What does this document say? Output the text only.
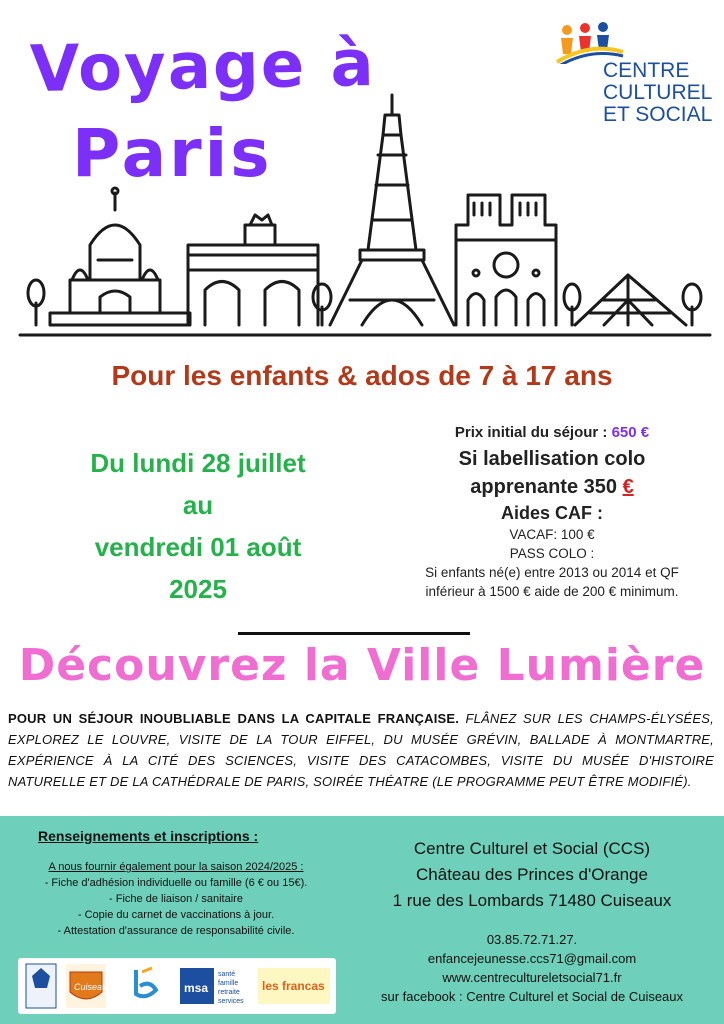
Voyage à
Paris
CENTRE
CULTUREL
ET SOCIAL
Pour les enfants & ados de 7 à 17 ans
Du lundi 28 juillet
au
vendredi 01 août
2025
Prix initial du séjour : 650 €
Si labellisation colo
apprenante 350 €
Aides CAF :
VACAF: 100 €
PASS COLO :
Si enfants né(e) entre 2013 ou 2014 et QF
inférieur à 1500 € aide de 200 € minimum.
Découvrez la Ville Lumière
POUR UN SÉJOUR INOUBLIABLE DANS LA CAPITALE FRANÇAISE. FLÂNEZ SUR LES CHAMPS-ÉLYSÉES, EXPLOREZ LE LOUVRE, VISITE DE LA TOUR EIFFEL, DU MUSÉE GRÉVIN, BALLADE À MONTMARTRE, EXPÉRIENCE À LA CITÉ DES SCIENCES, VISITE DES CATACOMBES, VISITE DU MUSÉE D'HISTOIRE NATURELLE ET DE LA CATHÉDRALE DE PARIS, SOIRÉE THÉATRE (LE PROGRAMME PEUT ÊTRE MODIFIÉ).
Renseignements et inscriptions :
A nous fournir également pour la saison 2024/2025 :
- Fiche d'adhésion individuelle ou famille (6 € ou 15€).
- Fiche de liaison / sanitaire
- Copie du carnet de vaccinations à jour.
- Attestation d'assurance de responsabilité civile.
Centre Culturel et Social (CCS)
Château des Princes d'Orange
1 rue des Lombards 71480 Cuiseaux
03.85.72.71.27.
enfancejeunesse.ccs71@gmail.com
www.centrecultureletsocial71.fr
sur facebook : Centre Culturel et Social de Cuiseaux
Cuiseaux	msa
santé
famille
retraite
services
les francas
